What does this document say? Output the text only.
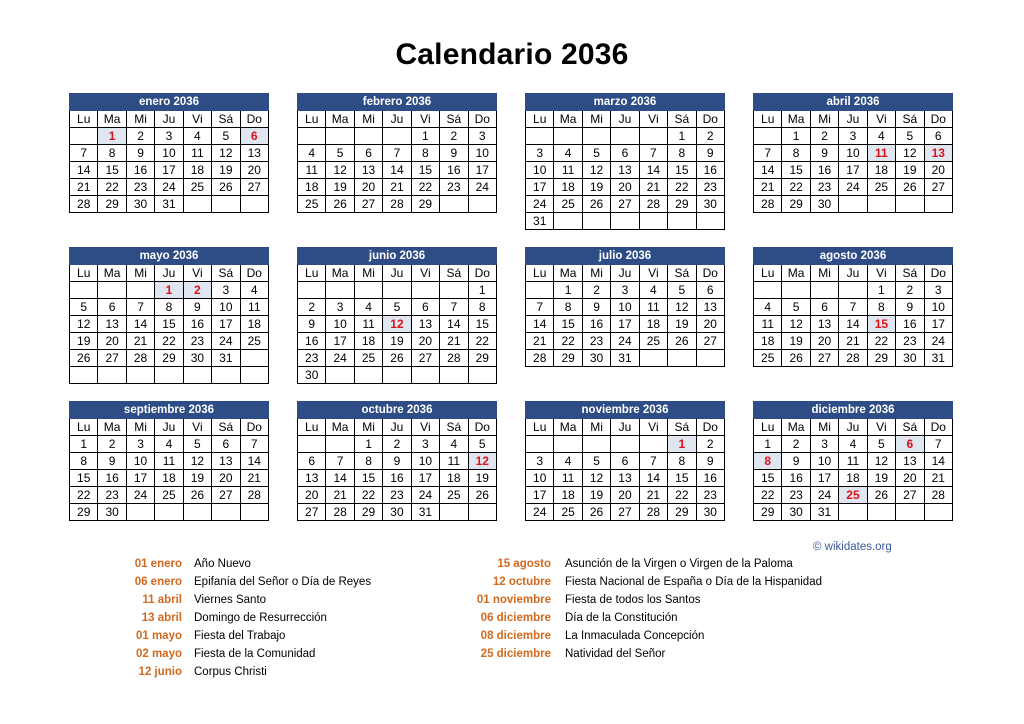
Calendario 2036
enero 2036						
Lu	Ma	Mi	Ju	Vi	Sá	Do
	1	2	3	4	5	6
7	8	9	10	11	12	13
14	15	16	17	18	19	20
21	22	23	24	25	26	27
28	29	30	31			
febrero 2036						
Lu	Ma	Mi	Ju	Vi	Sá	Do
				1	2	3
4	5	6	7	8	9	10
11	12	13	14	15	16	17
18	19	20	21	22	23	24
25	26	27	28	29		
marzo 2036						
Lu	Ma	Mi	Ju	Vi	Sá	Do
					1	2
3	4	5	6	7	8	9
10	11	12	13	14	15	16
17	18	19	20	21	22	23
24	25	26	27	28	29	30
31						
abril 2036						
Lu	Ma	Mi	Ju	Vi	Sá	Do
	1	2	3	4	5	6
7	8	9	10	11	12	13
14	15	16	17	18	19	20
21	22	23	24	25	26	27
28	29	30				
mayo 2036						
Lu	Ma	Mi	Ju	Vi	Sá	Do
			1	2	3	4
5	6	7	8	9	10	11
12	13	14	15	16	17	18
19	20	21	22	23	24	25
26	27	28	29	30	31	

junio 2036						
Lu	Ma	Mi	Ju	Vi	Sá	Do
						1
2	3	4	5	6	7	8
9	10	11	12	13	14	15
16	17	18	19	20	21	22
23	24	25	26	27	28	29
30						
julio 2036						
Lu	Ma	Mi	Ju	Vi	Sá	Do
	1	2	3	4	5	6
7	8	9	10	11	12	13
14	15	16	17	18	19	20
21	22	23	24	25	26	27
28	29	30	31			
agosto 2036						
Lu	Ma	Mi	Ju	Vi	Sá	Do
				1	2	3
4	5	6	7	8	9	10
11	12	13	14	15	16	17
18	19	20	21	22	23	24
25	26	27	28	29	30	31
septiembre 2036						
Lu	Ma	Mi	Ju	Vi	Sá	Do
1	2	3	4	5	6	7
8	9	10	11	12	13	14
15	16	17	18	19	20	21
22	23	24	25	26	27	28
29	30					
octubre 2036						
Lu	Ma	Mi	Ju	Vi	Sá	Do
		1	2	3	4	5
6	7	8	9	10	11	12
13	14	15	16	17	18	19
20	21	22	23	24	25	26
27	28	29	30	31		
noviembre 2036						
Lu	Ma	Mi	Ju	Vi	Sá	Do
					1	2
3	4	5	6	7	8	9
10	11	12	13	14	15	16
17	18	19	20	21	22	23
24	25	26	27	28	29	30
diciembre 2036						
Lu	Ma	Mi	Ju	Vi	Sá	Do
1	2	3	4	5	6	7
8	9	10	11	12	13	14
15	16	17	18	19	20	21
22	23	24	25	26	27	28
29	30	31				
01 enero Año Nuevo
06 enero Epifanía del Señor o Día de Reyes
11 abril Viernes Santo
13 abril Domingo de Resurrección
01 mayo Fiesta del Trabajo
02 mayo Fiesta de la Comunidad
12 junio Corpus Christi
15 agosto Asunción de la Virgen o Virgen de la Paloma
12 octubre Fiesta Nacional de España o Día de la Hispanidad
01 noviembre Fiesta de todos los Santos
06 diciembre Día de la Constitución
08 diciembre La Inmaculada Concepción
25 diciembre Natividad del Señor
© wikidates.org
